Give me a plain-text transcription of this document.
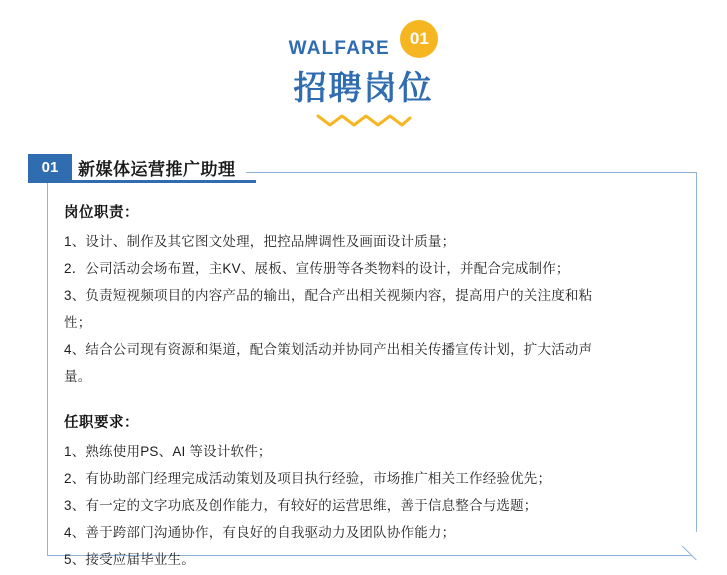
WALFARE 01
招聘岗位
01	新媒体运营推广助理
岗位职责：
1、设计、制作及其它图文处理，把控品牌调性及画面设计质量；
2．公司活动会场布置，主KV、展板、宣传册等各类物料的设计，并配合完成制作；
3、负责短视频项目的内容产品的输出，配合产出相关视频内容，提高用户的关注度和粘
性；
4、结合公司现有资源和渠道，配合策划活动并协同产出相关传播宣传计划，扩大活动声
量。
任职要求：
1、熟练使用PS、AI 等设计软件；
2、有协助部门经理完成活动策划及项目执行经验，市场推广相关工作经验优先；
3、有一定的文字功底及创作能力，有较好的运营思维，善于信息整合与选题；
4、善于跨部门沟通协作，有良好的自我驱动力及团队协作能力；
5、接受应届毕业生。
